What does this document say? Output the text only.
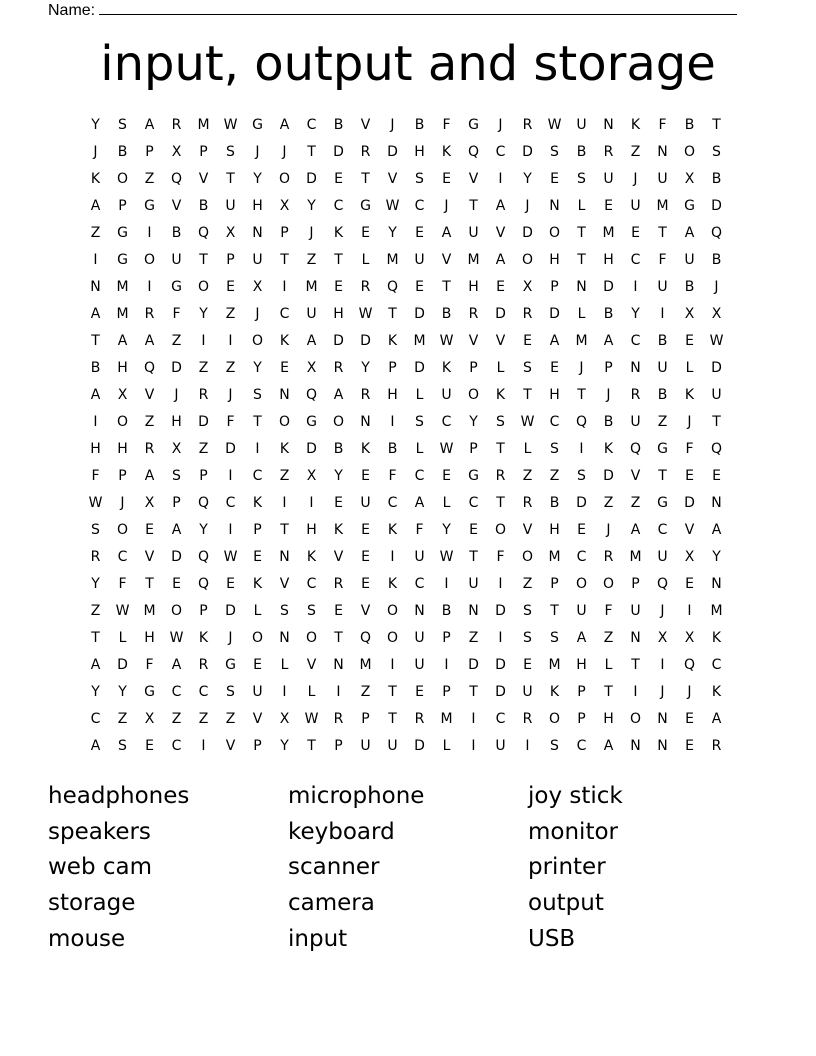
Name:
input, output and storage
Y	S	A	R	M	W	G	A	C	B	V	J	B	F	G	J	R	W	U	N	K	F	B	T
J	B	P	X	P	S	J	J	T	D	R	D	H	K	Q	C	D	S	B	R	Z	N	O	S
K	O	Z	Q	V	T	Y	O	D	E	T	V	S	E	V	I	Y	E	S	U	J	U	X	B
A	P	G	V	B	U	H	X	Y	C	G	W	C	J	T	A	J	N	L	E	U	M	G	D
Z	G	I	B	Q	X	N	P	J	K	E	Y	E	A	U	V	D	O	T	M	E	T	A	Q
I	G	O	U	T	P	U	T	Z	T	L	M	U	V	M	A	O	H	T	H	C	F	U	B
N	M	I	G	O	E	X	I	M	E	R	Q	E	T	H	E	X	P	N	D	I	U	B	J
A	M	R	F	Y	Z	J	C	U	H	W	T	D	B	R	D	R	D	L	B	Y	I	X	X
T	A	A	Z	I	I	O	K	A	D	D	K	M	W	V	V	E	A	M	A	C	B	E	W
B	H	Q	D	Z	Z	Y	E	X	R	Y	P	D	K	P	L	S	E	J	P	N	U	L	D
A	X	V	J	R	J	S	N	Q	A	R	H	L	U	O	K	T	H	T	J	R	B	K	U
I	O	Z	H	D	F	T	O	G	O	N	I	S	C	Y	S	W	C	Q	B	U	Z	J	T
H	H	R	X	Z	D	I	K	D	B	K	B	L	W	P	T	L	S	I	K	Q	G	F	Q
F	P	A	S	P	I	C	Z	X	Y	E	F	C	E	G	R	Z	Z	S	D	V	T	E	E
W	J	X	P	Q	C	K	I	I	E	U	C	A	L	C	T	R	B	D	Z	Z	G	D	N
S	O	E	A	Y	I	P	T	H	K	E	K	F	Y	E	O	V	H	E	J	A	C	V	A
R	C	V	D	Q	W	E	N	K	V	E	I	U	W	T	F	O	M	C	R	M	U	X	Y
Y	F	T	E	Q	E	K	V	C	R	E	K	C	I	U	I	Z	P	O	O	P	Q	E	N
Z	W	M	O	P	D	L	S	S	E	V	O	N	B	N	D	S	T	U	F	U	J	I	M
T	L	H	W	K	J	O	N	O	T	Q	O	U	P	Z	I	S	S	A	Z	N	X	X	K
A	D	F	A	R	G	E	L	V	N	M	I	U	I	D	D	E	M	H	L	T	I	Q	C
Y	Y	G	C	C	S	U	I	L	I	Z	T	E	P	T	D	U	K	P	T	I	J	J	K
C	Z	X	Z	Z	Z	V	X	W	R	P	T	R	M	I	C	R	O	P	H	O	N	E	A
A	S	E	C	I	V	P	Y	T	P	U	U	D	L	I	U	I	S	C	A	N	N	E	R
headphones	microphone	joy stick
speakers	keyboard	monitor
web cam	scanner	printer
storage	camera	output
mouse	input	USB
